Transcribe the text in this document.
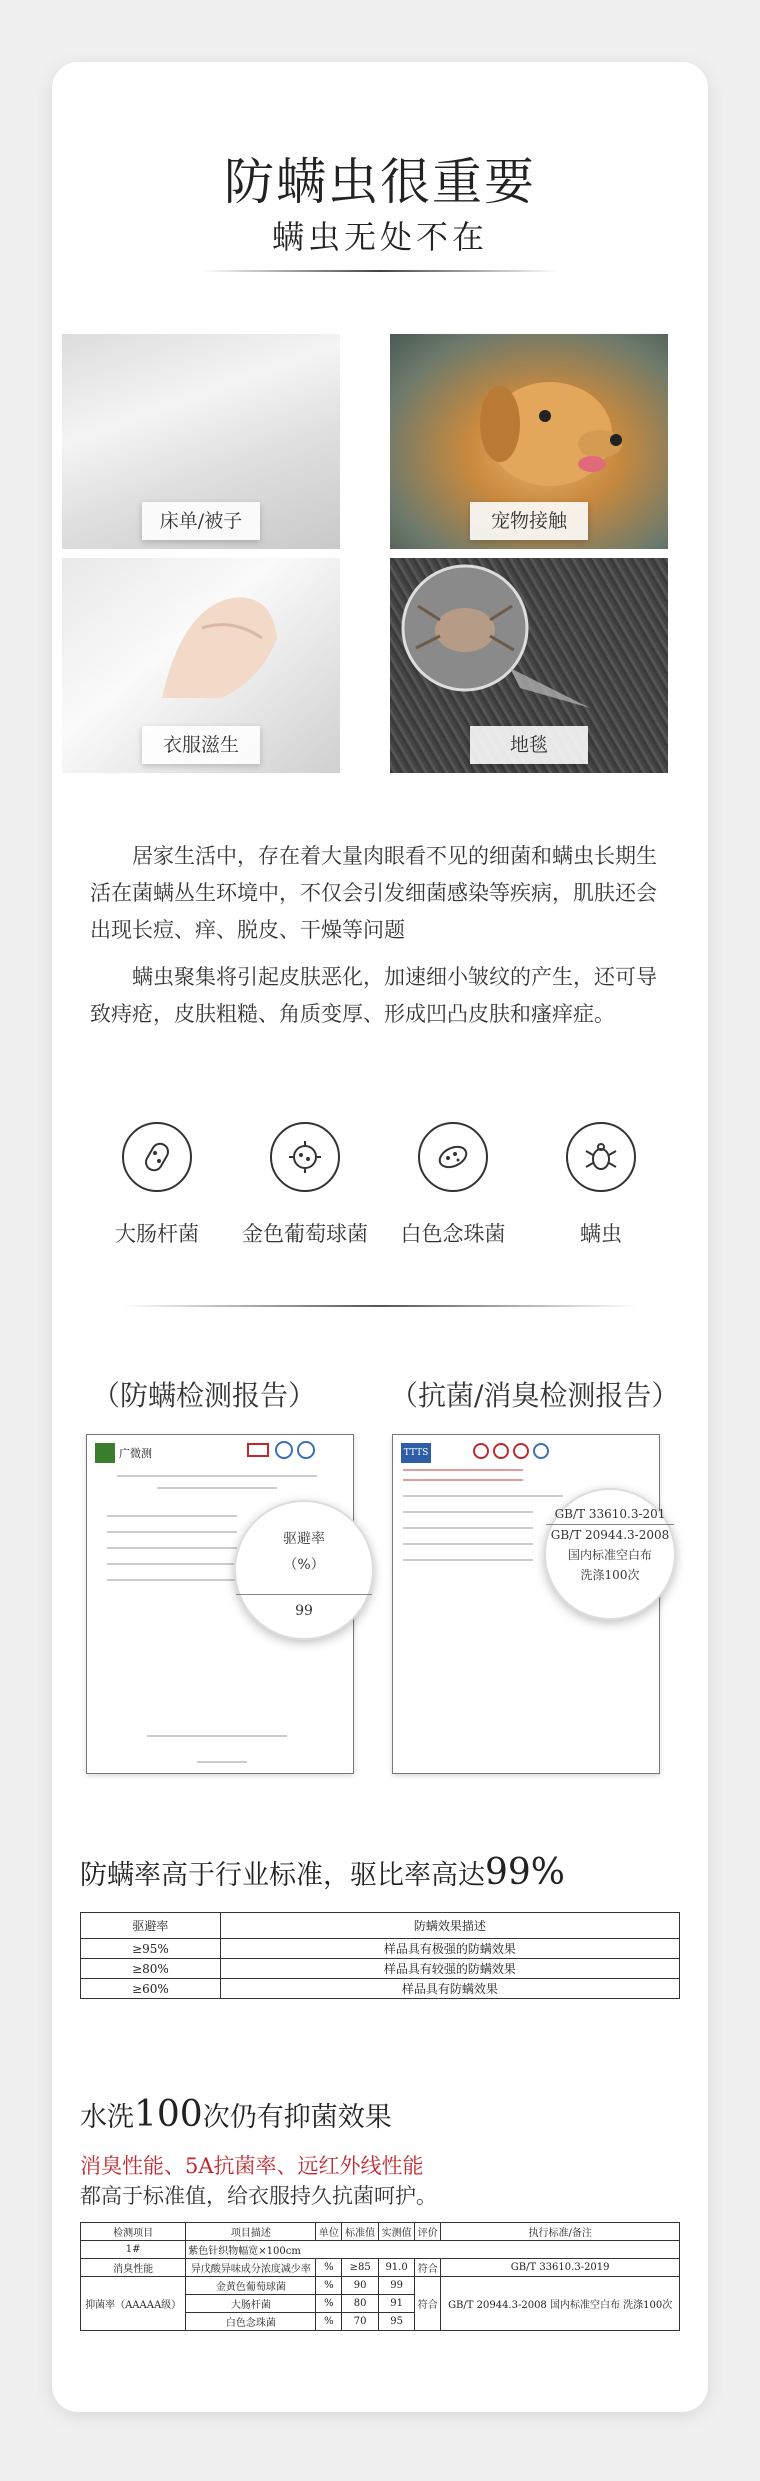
防螨虫很重要
螨虫无处不在
床单/被子	宠物接触
衣服滋生	地毯
居家生活中，存在着大量肉眼看不见的细菌和螨虫长期生活在菌螨丛生环境中，不仅会引发细菌感染等疾病，肌肤还会出现长痘、痒、脱皮、干燥等问题
螨虫聚集将引起皮肤恶化，加速细小皱纹的产生，还可导致痔疮，皮肤粗糙、角质变厚、形成凹凸皮肤和瘙痒症。
大肠杆菌	金色葡萄球菌	白色念珠菌	螨虫
（防螨检测报告）	（抗菌/消臭检测报告）
广微测
驱避率
（%）
99
TTTS
GB/T 33610.3-201
GB/T 20944.3-2008
国内标准空白布
洗涤100次
防螨率高于行业标准，驱比率高达99%
驱避率	防螨效果描述
≥95%	样品具有极强的防螨效果
≥80%	样品具有较强的防螨效果
≥60%	样品具有防螨效果
水洗100次仍有抑菌效果
消臭性能、5A抗菌率、远红外线性能
都高于标准值，给衣服持久抗菌呵护。
检测项目	项目描述	单位	标准值	实测值	评价	执行标准/备注
1#	紫色针织物幅宽×100cm					
消臭性能	异戊酸异味成分浓度减少率	%	≥85	91.0	符合	GB/T 33610.3-2019
抑菌率（AAAAA级）	金黄色葡萄球菌	%	90	99	符合	GB/T 20944.3-2008 国内标准空白布 洗涤100次
	大肠杆菌	%	80	91		
	白色念珠菌	%	70	95		
